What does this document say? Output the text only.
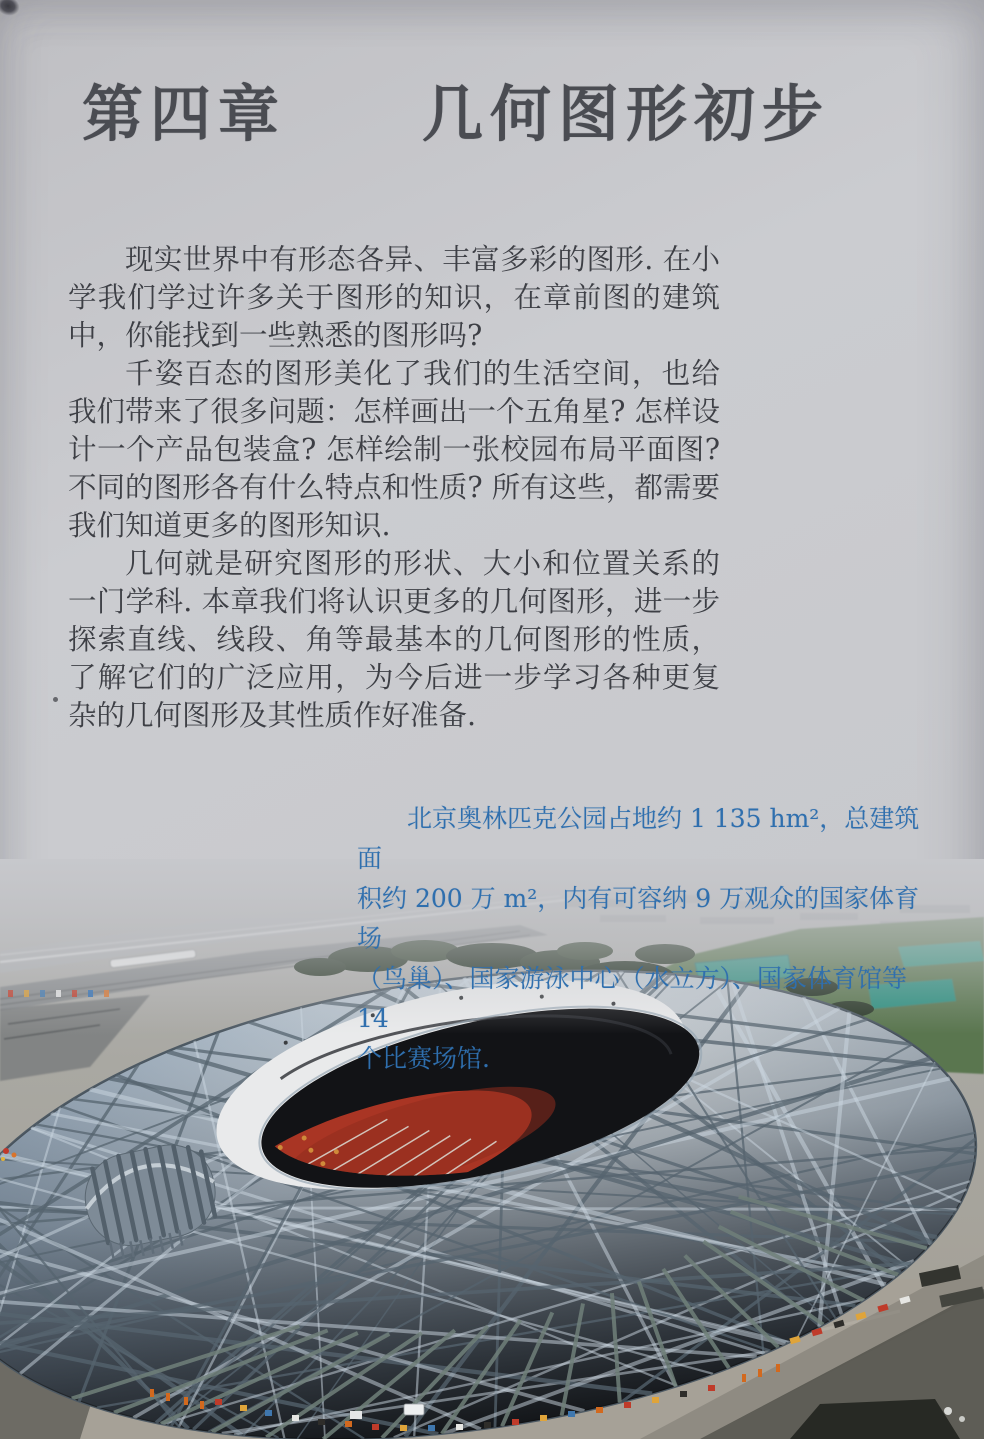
第四章　　几何图形初步

现实世界中有形态各异、丰富多彩的图形. 在小学我们学过许多关于图形的知识，在章前图的建筑中，你能找到一些熟悉的图形吗?

千姿百态的图形美化了我们的生活空间，也给我们带来了很多问题：怎样画出一个五角星? 怎样设计一个产品包装盒? 怎样绘制一张校园布局平面图? 不同的图形各有什么特点和性质? 所有这些，都需要我们知道更多的图形知识.

几何就是研究图形的形状、大小和位置关系的一门学科. 本章我们将认识更多的几何图形，进一步探索直线、线段、角等最基本的几何图形的性质，了解它们的广泛应用，为今后进一步学习各种更复杂的几何图形及其性质作好准备.

北京奥林匹克公园占地约 1 135 hm²，总建筑面
积约 200 万 m²，内有可容纳 9 万观众的国家体育场
（鸟巢）、国家游泳中心（水立方）、国家体育馆等 14
个比赛场馆.
